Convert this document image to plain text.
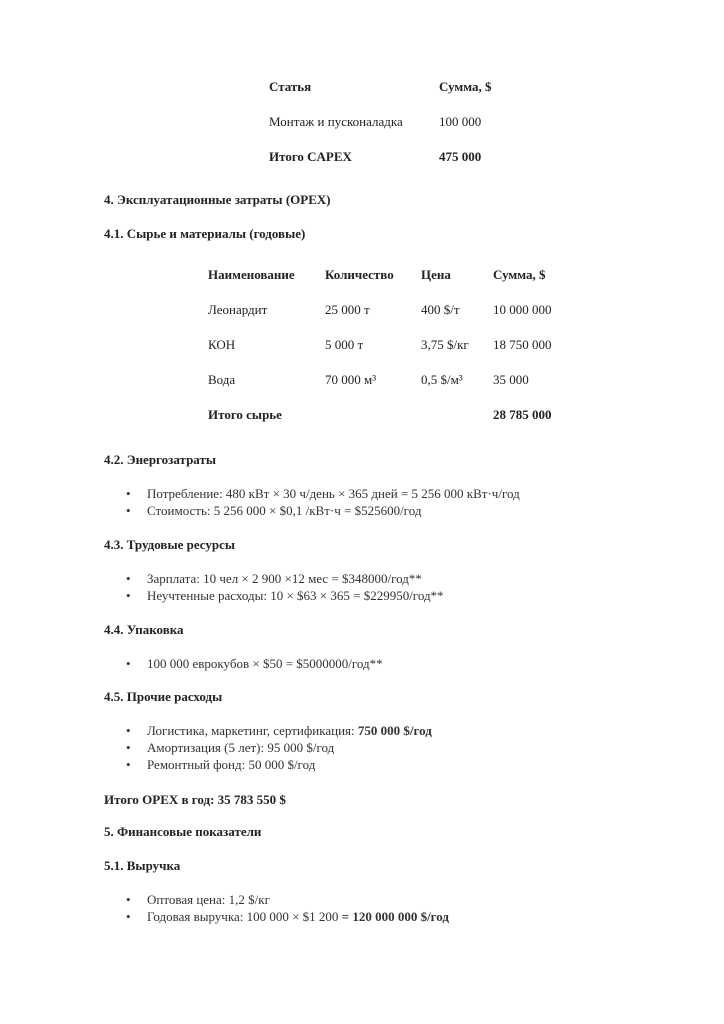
Статья	Сумма, $
Монтаж и пусконаладка	100 000
Итого CAPEX	475 000
4. Эксплуатационные затраты (OPEX)
4.1. Сырье и материалы (годовые)
Наименование	Количество	Цена	Сумма, $
Леонардит	25 000 т	400 $/т	10 000 000
КОН	5 000 т	3,75 $/кг	18 750 000
Вода	70 000 м³	0,5 $/м³	35 000
Итого сырье			28 785 000
4.2. Энергозатраты
• Потребление: 480 кВт × 30 ч/день × 365 дней = 5 256 000 кВт·ч/год
• Стоимость: 5 256 000 × $0,1 /кВт·ч = $525600/год
4.3. Трудовые ресурсы
• Зарплата: 10 чел × 2 900 ×12 мес = $348000/год**
• Неучтенные расходы: 10 × $63 × 365 = $229950/год**
4.4. Упаковка
• 100 000 еврокубов × $50 = $5000000/год**
4.5. Прочие расходы
• Логистика, маркетинг, сертификация: 750 000 $/год
• Амортизация (5 лет): 95 000 $/год
• Ремонтный фонд: 50 000 $/год
Итого OPEX в год: 35 783 550 $
5. Финансовые показатели
5.1. Выручка
• Оптовая цена: 1,2 $/кг
• Годовая выручка: 100 000 × $1 200 = 120 000 000 $/год
